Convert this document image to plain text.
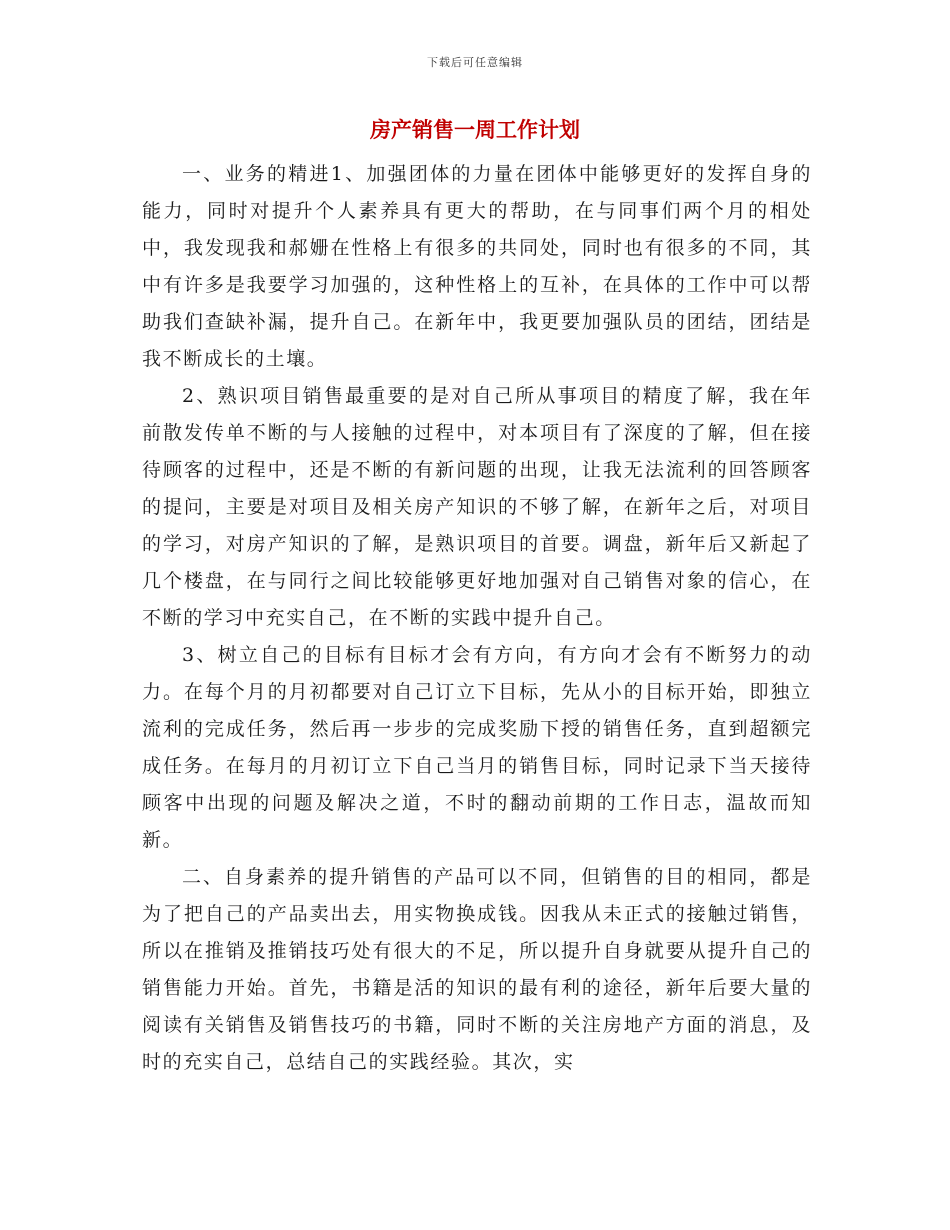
下载后可任意编辑
房产销售一周工作计划

一、业务的精进1、加强团体的力量在团体中能够更好的发挥自身的能力，同时对提升个人素养具有更大的帮助，在与同事们两个月的相处中，我发现我和郝姗在性格上有很多的共同处，同时也有很多的不同，其中有许多是我要学习加强的，这种性格上的互补，在具体的工作中可以帮助我们查缺补漏，提升自己。在新年中，我更要加强队员的团结，团结是我不断成长的土壤。

2、熟识项目销售最重要的是对自己所从事项目的精度了解，我在年前散发传单不断的与人接触的过程中，对本项目有了深度的了解，但在接待顾客的过程中，还是不断的有新问题的出现，让我无法流利的回答顾客的提问，主要是对项目及相关房产知识的不够了解，在新年之后，对项目的学习，对房产知识的了解，是熟识项目的首要。调盘，新年后又新起了几个楼盘，在与同行之间比较能够更好地加强对自己销售对象的信心，在不断的学习中充实自己，在不断的实践中提升自己。

3、树立自己的目标有目标才会有方向，有方向才会有不断努力的动力。在每个月的月初都要对自己订立下目标，先从小的目标开始，即独立流利的完成任务，然后再一步步的完成奖励下授的销售任务，直到超额完成任务。在每月的月初订立下自己当月的销售目标，同时记录下当天接待顾客中出现的问题及解决之道，不时的翻动前期的工作日志，温故而知新。

二、自身素养的提升销售的产品可以不同，但销售的目的相同，都是为了把自己的产品卖出去，用实物换成钱。因我从未正式的接触过销售，所以在推销及推销技巧处有很大的不足，所以提升自身就要从提升自己的销售能力开始。首先，书籍是活的知识的最有利的途径，新年后要大量的阅读有关销售及销售技巧的书籍，同时不断的关注房地产方面的消息，及时的充实自己，总结自己的实践经验。其次，实
